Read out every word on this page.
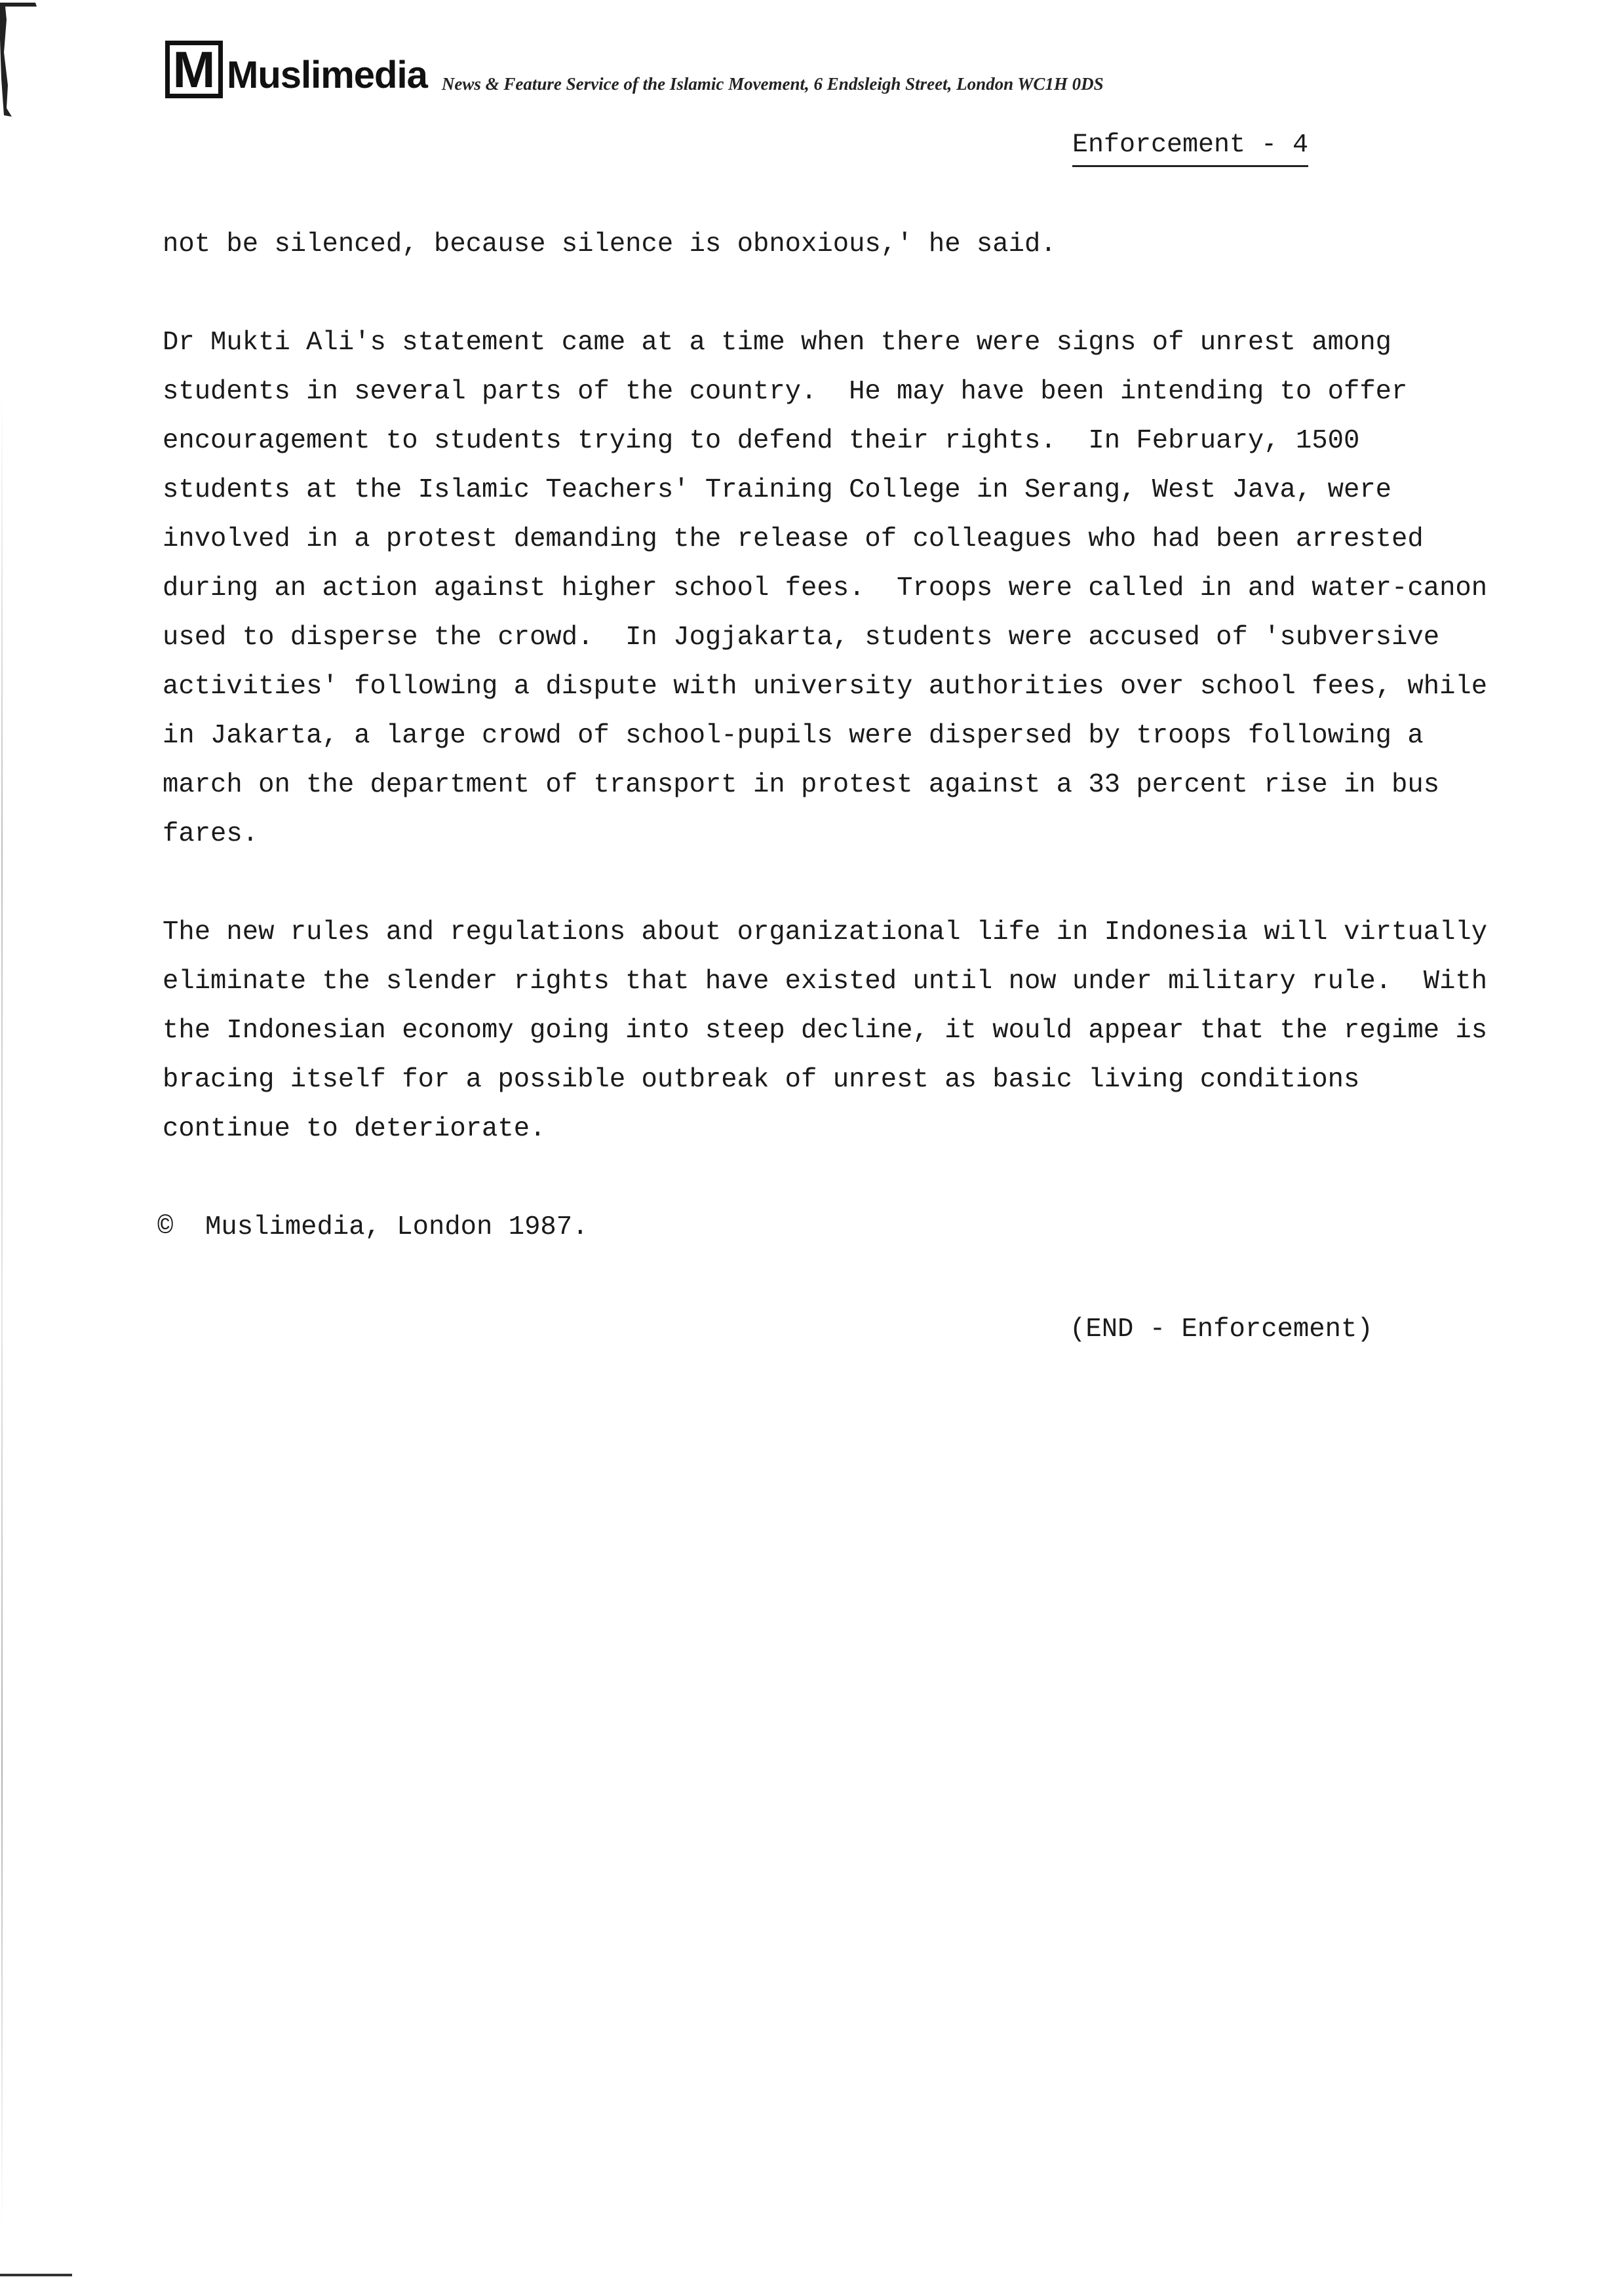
M Muslimedia News & Feature Service of the Islamic Movement, 6 Endsleigh Street, London WC1H 0DS
Enforcement - 4

not be silenced, because silence is obnoxious,' he said.

Dr Mukti Ali's statement came at a time when there were signs of unrest among
students in several parts of the country.  He may have been intending to offer
encouragement to students trying to defend their rights.  In February, 1500
students at the Islamic Teachers' Training College in Serang, West Java, were
involved in a protest demanding the release of colleagues who had been arrested
during an action against higher school fees.  Troops were called in and water-canon
used to disperse the crowd.  In Jogjakarta, students were accused of 'subversive
activities' following a dispute with university authorities over school fees, while
in Jakarta, a large crowd of school-pupils were dispersed by troops following a
march on the department of transport in protest against a 33 percent rise in bus
fares.

The new rules and regulations about organizational life in Indonesia will virtually
eliminate the slender rights that have existed until now under military rule.  With
the Indonesian economy going into steep decline, it would appear that the regime is
bracing itself for a possible outbreak of unrest as basic living conditions
continue to deteriorate.

©  Muslimedia, London 1987.
(END - Enforcement)
